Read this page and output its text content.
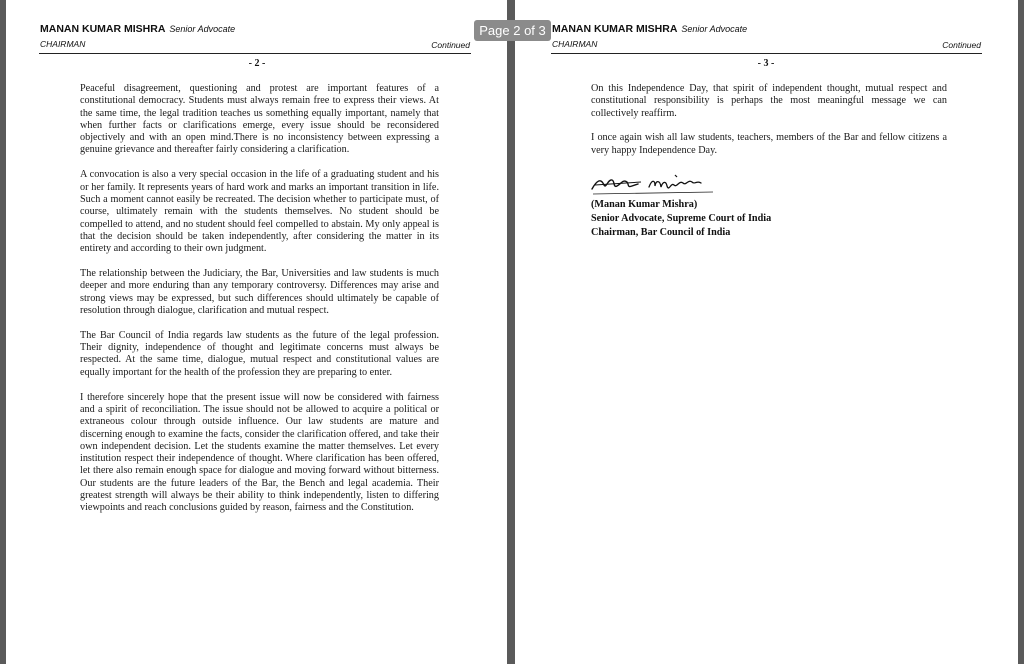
MANAN KUMAR MISHRA Senior Advocate
CHAIRMAN	Continued
- 2 -

Peaceful disagreement, questioning and protest are important features of a constitutional democracy. Students must always remain free to express their views. At the same time, the legal tradition teaches us something equally important, namely that when further facts or clarifications emerge, every issue should be reconsidered objectively and with an open mind.There is no inconsistency between expressing a genuine grievance and thereafter fairly considering a clarification.

A convocation is also a very special occasion in the life of a graduating student and his or her family. It represents years of hard work and marks an important transition in life. Such a moment cannot easily be recreated. The decision whether to participate must, of course, ultimately remain with the students themselves. No student should be compelled to attend, and no student should feel compelled to abstain. My only appeal is that the decision should be taken independently, after considering the matter in its entirety and according to their own judgment.

The relationship between the Judiciary, the Bar, Universities and law students is much deeper and more enduring than any temporary controversy. Differences may arise and strong views may be expressed, but such differences should ultimately be capable of resolution through dialogue, clarification and mutual respect.

The Bar Council of India regards law students as the future of the legal profession. Their dignity, independence of thought and legitimate concerns must always be respected. At the same time, dialogue, mutual respect and constitutional values are equally important for the health of the profession they are preparing to enter.

I therefore sincerely hope that the present issue will now be considered with fairness and a spirit of reconciliation. The issue should not be allowed to acquire a political or extraneous colour through outside influence. Our law students are mature and discerning enough to examine the facts, consider the clarification offered, and take their own independent decision. Let the students examine the matter themselves. Let every institution respect their independence of thought. Where clarification has been offered, let there also remain enough space for dialogue and moving forward without bitterness. Our students are the future leaders of the Bar, the Bench and legal academia. Their greatest strength will always be their ability to think independently, listen to differing viewpoints and reach conclusions guided by reason, fairness and the Constitution.

MANAN KUMAR MISHRA Senior Advocate
CHAIRMAN	Continued
- 3 -

On this Independence Day, that spirit of independent thought, mutual respect and constitutional responsibility is perhaps the most meaningful message we can collectively reaffirm.

I once again wish all law students, teachers, members of the Bar and fellow citizens a very happy Independence Day.

(Manan Kumar Mishra)
Senior Advocate, Supreme Court of India
Chairman, Bar Council of India
Page 2 of 3
